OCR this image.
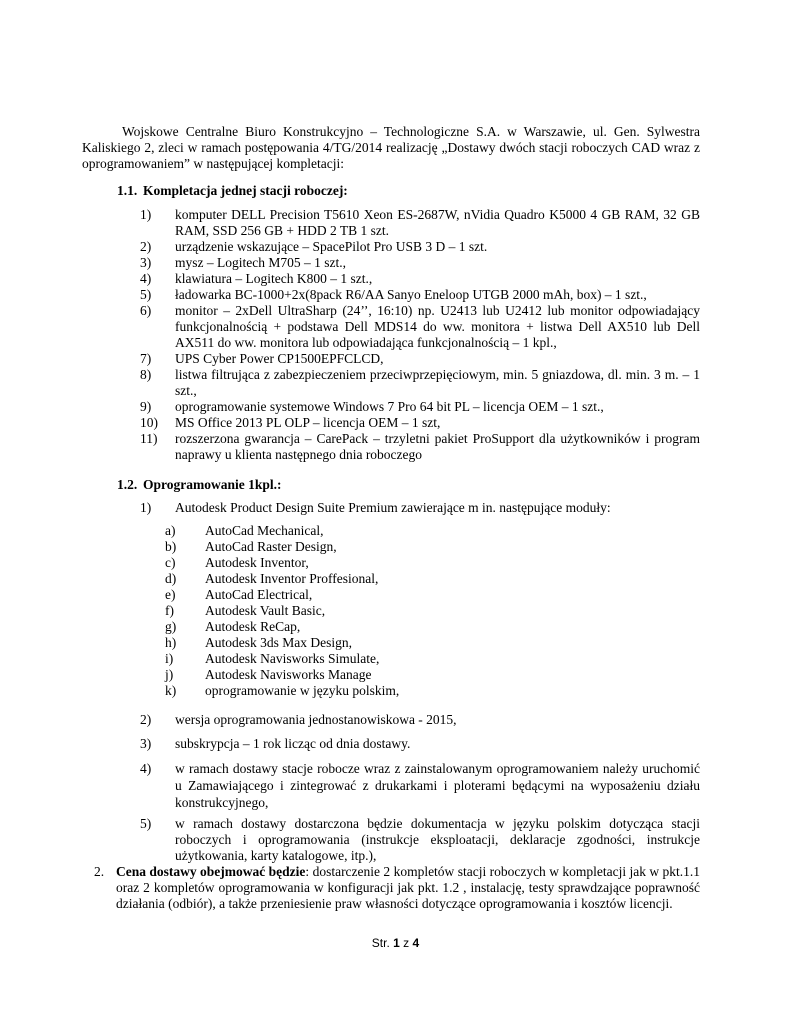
Wojskowe Centralne Biuro Konstrukcyjno – Technologiczne S.A. w Warszawie, ul. Gen. Sylwestra Kaliskiego 2, zleci w ramach postępowania 4/TG/2014 realizację „Dostawy dwóch stacji roboczych CAD wraz z oprogramowaniem” w następującej kompletacji:

1.1. Kompletacja jednej stacji roboczej:
1) komputer DELL Precision T5610 Xeon ES-2687W, nVidia Quadro K5000 4 GB RAM, 32 GB RAM, SSD 256 GB + HDD 2 TB 1 szt.
2) urządzenie wskazujące – SpacePilot Pro USB 3 D – 1 szt.
3) mysz – Logitech M705 – 1 szt.,
4) klawiatura – Logitech K800 – 1 szt.,
5) ładowarka BC-1000+2x(8pack R6/AA Sanyo Eneloop UTGB 2000 mAh, box) – 1 szt.,
6) monitor – 2xDell UltraSharp (24’’, 16:10) np. U2413 lub U2412 lub monitor odpowiadający funkcjonalnością + podstawa Dell MDS14 do ww. monitora + listwa Dell AX510 lub Dell AX511 do ww. monitora lub odpowiadająca funkcjonalnością – 1 kpl.,
7) UPS Cyber Power CP1500EPFCLCD,
8) listwa filtrująca z zabezpieczeniem przeciwprzepięciowym, min. 5 gniazdowa, dl. min. 3 m. – 1 szt.,
9) oprogramowanie systemowe Windows 7 Pro 64 bit PL – licencja OEM – 1 szt.,
10) MS Office 2013 PL OLP – licencja OEM – 1 szt,
11) rozszerzona gwarancja – CarePack – trzyletni pakiet ProSupport dla użytkowników i program naprawy u klienta następnego dnia roboczego
1.2. Oprogramowanie 1kpl.:
1) Autodesk Product Design Suite Premium zawierające m in. następujące moduły:
a) AutoCad Mechanical,
b) AutoCad Raster Design,
c) Autodesk Inventor,
d) Autodesk Inventor Proffesional,
e) AutoCad Electrical,
f) Autodesk Vault Basic,
g) Autodesk ReCap,
h) Autodesk 3ds Max Design,
i) Autodesk Navisworks Simulate,
j) Autodesk Navisworks Manage
k) oprogramowanie w języku polskim,
2) wersja oprogramowania jednostanowiskowa - 2015,
3) subskrypcja – 1 rok licząc od dnia dostawy.
4) w ramach dostawy stacje robocze wraz z zainstalowanym oprogramowaniem należy uruchomić u Zamawiającego i zintegrować z drukarkami i ploterami będącymi na wyposażeniu działu konstrukcyjnego,
5) w ramach dostawy dostarczona będzie dokumentacja w języku polskim dotycząca stacji roboczych i oprogramowania (instrukcje eksploatacji, deklaracje zgodności, instrukcje użytkowania, karty katalogowe, itp.),
2. Cena dostawy obejmować będzie: dostarczenie 2 kompletów stacji roboczych w kompletacji jak w pkt.1.1 oraz 2 kompletów oprogramowania w konfiguracji jak pkt. 1.2 , instalację, testy sprawdzające poprawność działania (odbiór), a także przeniesienie praw własności dotyczące oprogramowania i kosztów licencji.
Str. 1 z 4
